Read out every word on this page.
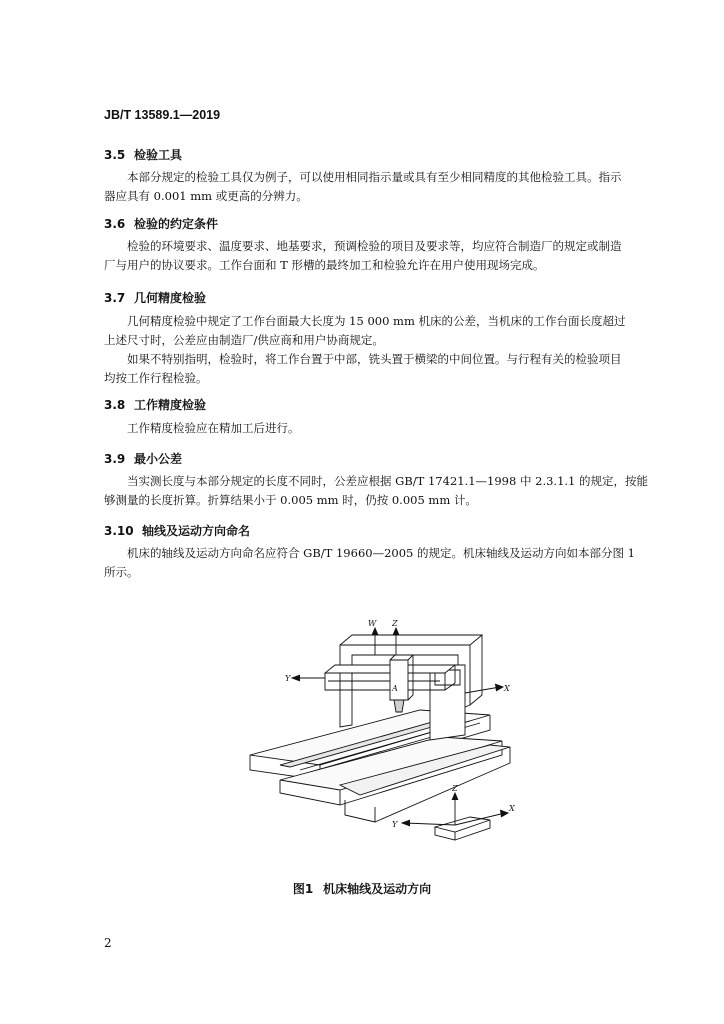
JB/T 13589.1—2019
3.5 检验工具
本部分规定的检验工具仅为例子，可以使用相同指示量或具有至少相同精度的其他检验工具。指示
器应具有 0.001 mm 或更高的分辨力。
3.6 检验的约定条件
检验的环境要求、温度要求、地基要求，预调检验的项目及要求等，均应符合制造厂的规定或制造
厂与用户的协议要求。工作台面和 T 形槽的最终加工和检验允许在用户使用现场完成。
3.7 几何精度检验
几何精度检验中规定了工作台面最大长度为 15 000 mm 机床的公差，当机床的工作台面长度超过
上述尺寸时，公差应由制造厂/供应商和用户协商规定。
如果不特别指明，检验时，将工作台置于中部，铣头置于横梁的中间位置。与行程有关的检验项目
均按工作行程检验。
3.8 工作精度检验
工作精度检验应在精加工后进行。
3.9 最小公差
当实测长度与本部分规定的长度不同时，公差应根据 GB/T 17421.1—1998 中 2.3.1.1 的规定，按能
够测量的长度折算。折算结果小于 0.005 mm 时，仍按 0.005 mm 计。
3.10 轴线及运动方向命名
机床的轴线及运动方向命名应符合 GB/T 19660—2005 的规定。机床轴线及运动方向如本部分图 1
所示。
W Z
Y
X
A
Z
X
Y
图1 机床轴线及运动方向
2
